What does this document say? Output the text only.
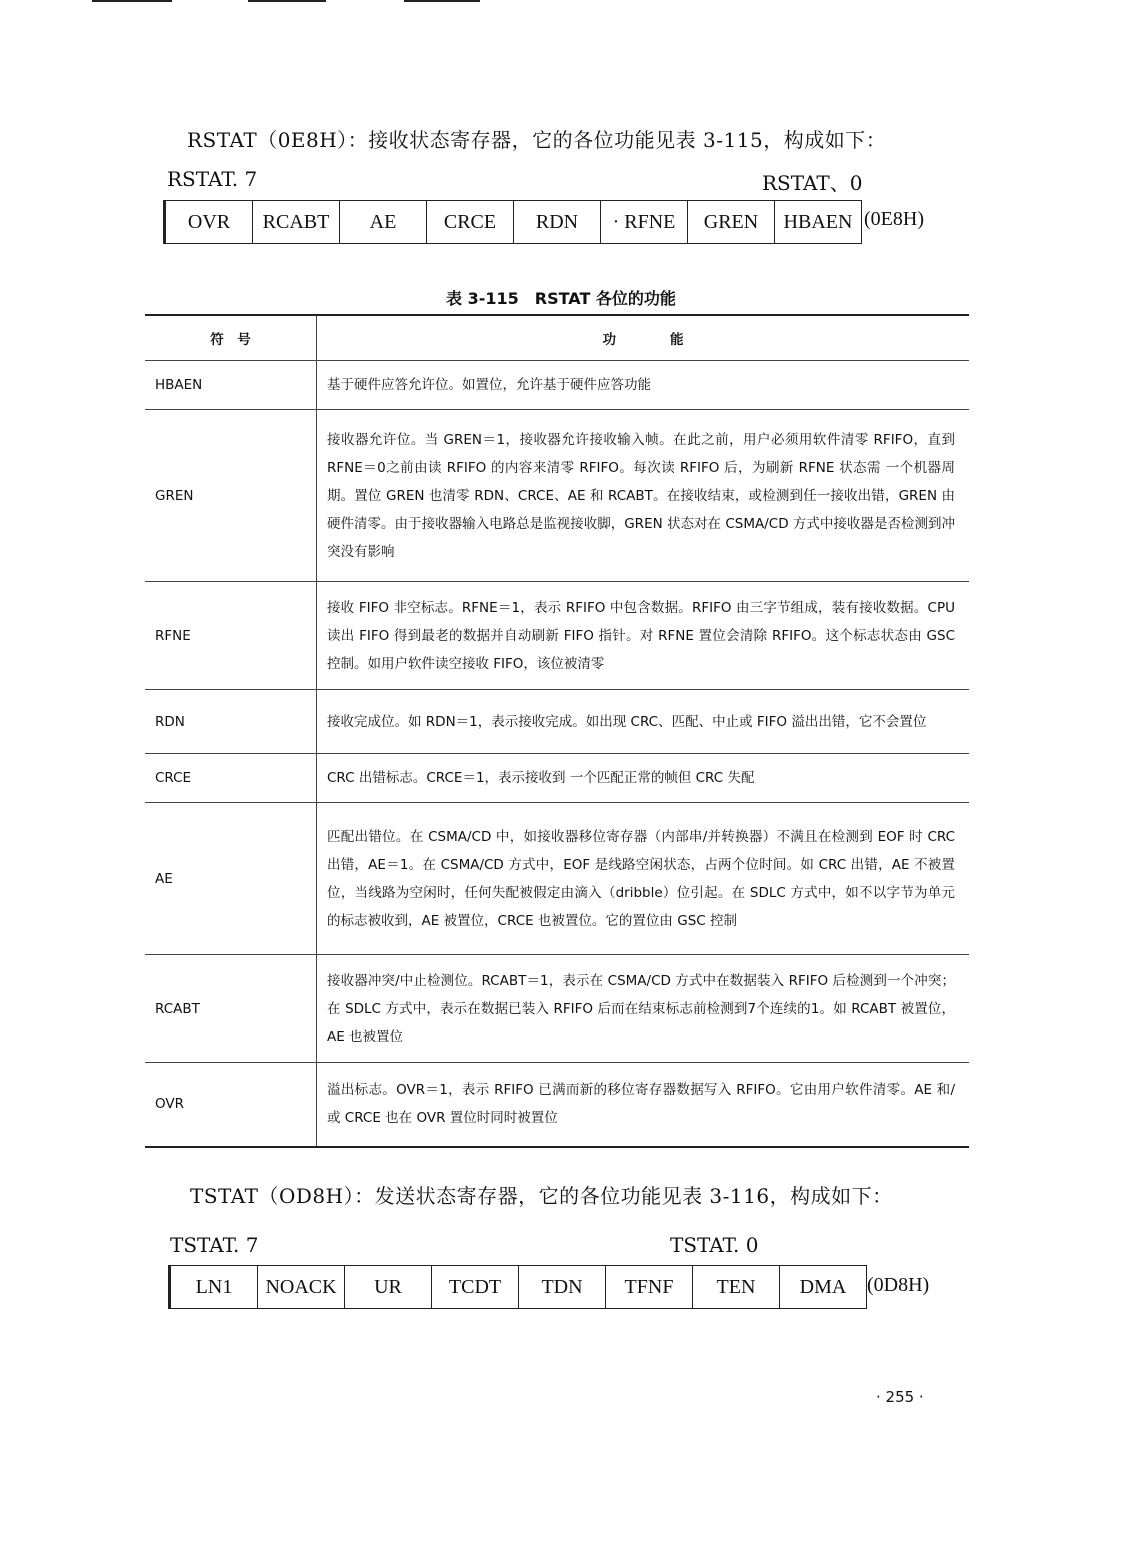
RSTAT（0E8H）：接收状态寄存器，它的各位功能见表 3-115，构成如下：
RSTAT. 7	RSTAT、0
OVR	RCABT	AE	CRCE	RDN	· RFNE	GREN	HBAEN (0E8H)
表 3-115　RSTAT 各位的功能
符　号	功　　　　能
HBAEN	基于硬件应答允许位。如置位，允许基于硬件应答功能
GREN	接收器允许位。当 GREN＝1，接收器允许接收输入帧。在此之前，用户必须用软件清零 RFIFO，直到 RFNE＝0之前由读 RFIFO 的内容来清零 RFIFO。每次读 RFIFO 后，为刷新 RFNE 状态需 一个机器周期。置位 GREN 也清零 RDN、CRCE、AE 和 RCABT。在接收结束，或检测到任一接收出错，GREN 由硬件清零。由于接收器输入电路总是监视接收脚，GREN 状态对在 CSMA/CD 方式中接收器是否检测到冲突没有影响
RFNE	接收 FIFO 非空标志。RFNE＝1，表示 RFIFO 中包含数据。RFIFO 由三字节组成，装有接收数据。CPU 读出 FIFO 得到最老的数据并自动刷新 FIFO 指针。对 RFNE 置位会清除 RFIFO。这个标志状态由 GSC 控制。如用户软件读空接收 FIFO，该位被清零
RDN	接收完成位。如 RDN＝1，表示接收完成。如出现 CRC、匹配、中止或 FIFO 溢出出错，它不会置位
CRCE	CRC 出错标志。CRCE＝1，表示接收到 一个匹配正常的帧但 CRC 失配
AE	匹配出错位。在 CSMA/CD 中，如接收器移位寄存器（内部串/并转换器）不满且在检测到 EOF 时 CRC 出错，AE＝1。在 CSMA/CD 方式中，EOF 是线路空闲状态，占两个位时间。如 CRC 出错，AE 不被置位，当线路为空闲时，任何失配被假定由滴入（dribble）位引起。在 SDLC 方式中，如不以字节为单元的标志被收到，AE 被置位，CRCE 也被置位。它的置位由 GSC 控制
RCABT	接收器冲突/中止检测位。RCABT＝1，表示在 CSMA/CD 方式中在数据装入 RFIFO 后检测到一个冲突；在 SDLC 方式中，表示在数据已装入 RFIFO 后而在结束标志前检测到7个连续的1。如 RCABT 被置位，AE 也被置位
OVR	溢出标志。OVR＝1，表示 RFIFO 已满而新的移位寄存器数据写入 RFIFO。它由用户软件清零。AE 和/或 CRCE 也在 OVR 置位时同时被置位
TSTAT（OD8H）：发送状态寄存器，它的各位功能见表 3-116，构成如下：
TSTAT. 7	TSTAT. 0
LN1	NOACK	UR	TCDT	TDN	TFNF	TEN	DMA	(0D8H)
· 255 ·
